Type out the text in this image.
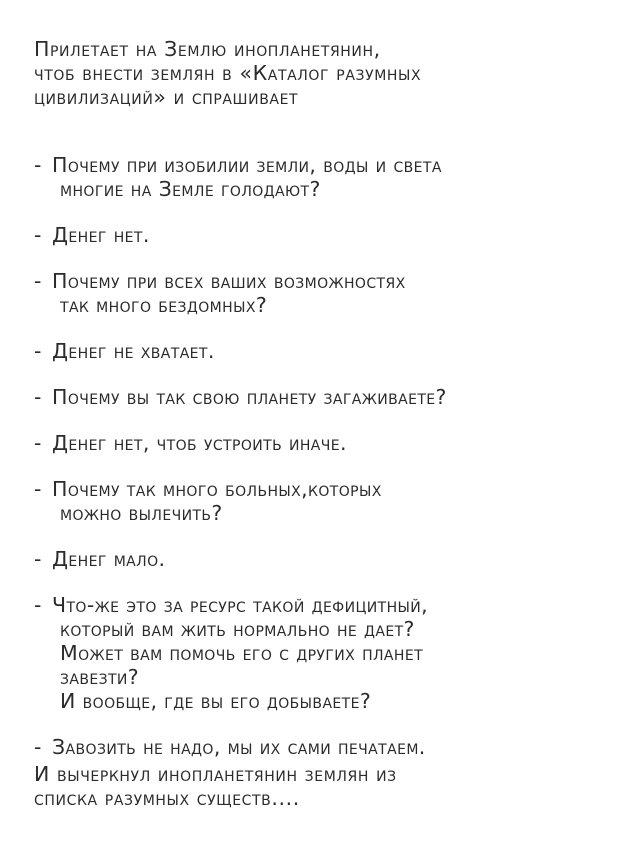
Прилетает на Землю инопланетянин,
чтоб внести землян в «Каталог разумных
цивилизаций» и спрашивает

- Почему при изобилии земли, воды и света
многие на Земле голодают?
- Денег нет.
- Почему при всех ваших возможностях
так много бездомных?
- Денег не хватает.
- Почему вы так свою планету загаживаете?
- Денег нет, чтоб устроить иначе.
- Почему так много больных,которых
можно вылечить?
- Денег мало.
- Что-же это за ресурс такой дефицитный,
который вам жить нормально не дает?
Может вам помочь его с других планет
завезти?
И вообще, где вы его добываете?
- Завозить не надо, мы их сами печатаем.

И вычеркнул инопланетянин землян из
списка разумных существ....
